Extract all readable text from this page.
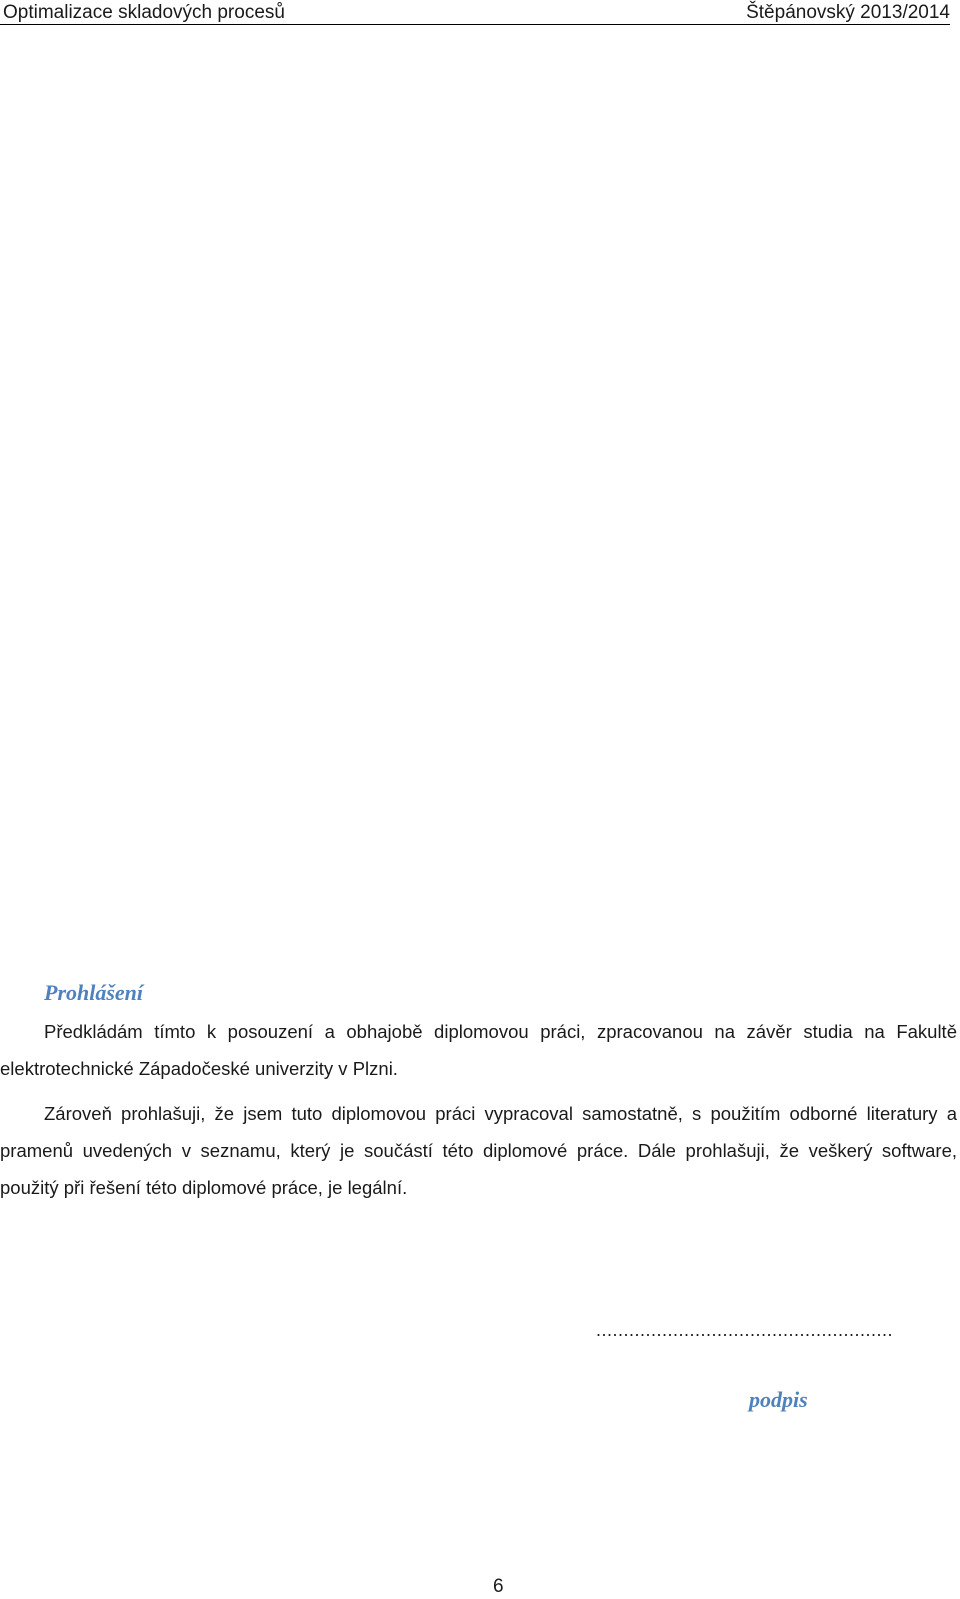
Optimalizace skladových procesů	Štěpánovský 2013/2014
Prohlášení
Předkládám tímto k posouzení a obhajobě diplomovou práci, zpracovanou na závěr studia na Fakultě elektrotechnické Západočeské univerzity v Plzni.
Zároveň prohlašuji, že jsem tuto diplomovou práci vypracoval samostatně, s použitím odborné literatury a pramenů uvedených v seznamu, který je součástí této diplomové práce. Dále prohlašuji, že veškerý software, použitý při řešení této diplomové práce, je legální.
......................................................
podpis
6
